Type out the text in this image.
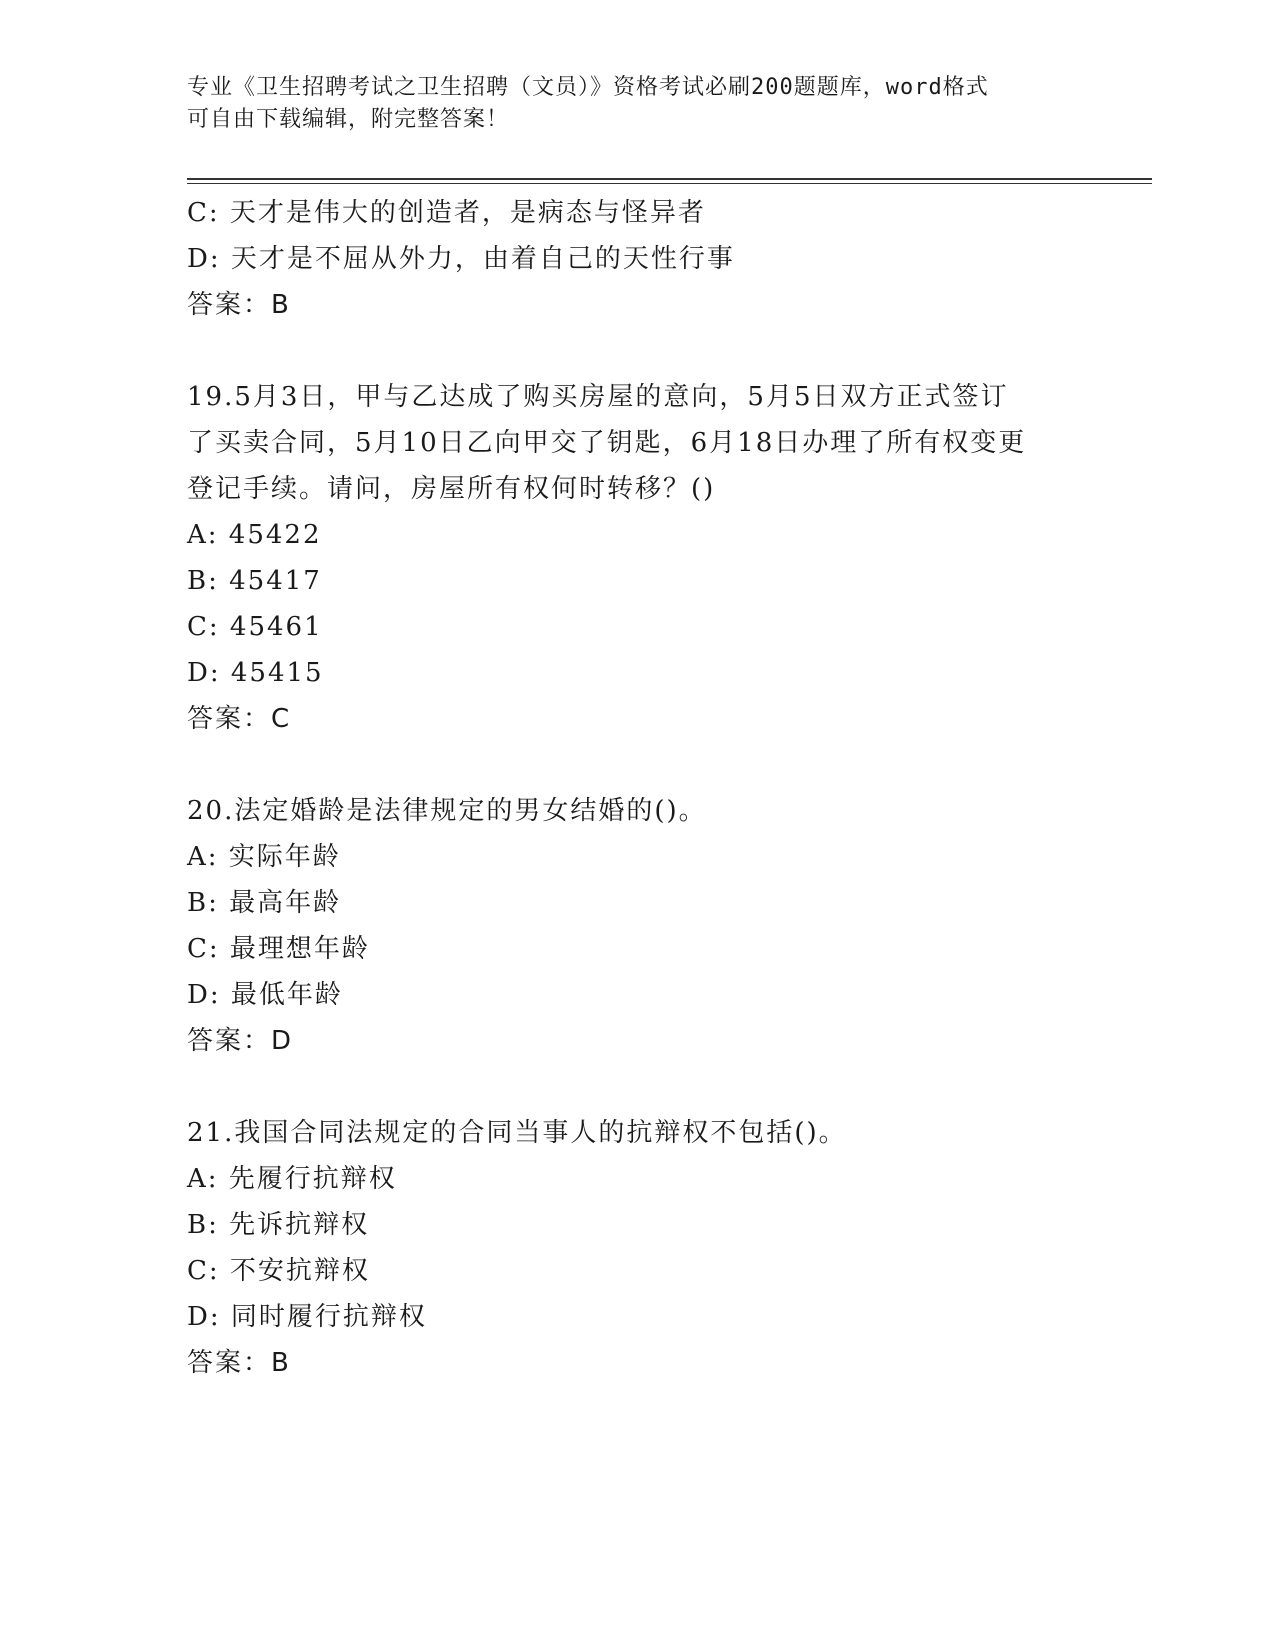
专业《卫生招聘考试之卫生招聘（文员）》资格考试必刷200题题库，word格式
可自由下载编辑，附完整答案！
C: 天才是伟大的创造者，是病态与怪异者
D: 天才是不屈从外力，由着自己的天性行事
答案：B
19.5月3日，甲与乙达成了购买房屋的意向，5月5日双方正式签订
了买卖合同，5月10日乙向甲交了钥匙，6月18日办理了所有权变更
登记手续。请问，房屋所有权何时转移？()
A: 45422
B: 45417
C: 45461
D: 45415
答案：C
20.法定婚龄是法律规定的男女结婚的()。
A: 实际年龄
B: 最高年龄
C: 最理想年龄
D: 最低年龄
答案：D
21.我国合同法规定的合同当事人的抗辩权不包括()。
A: 先履行抗辩权
B: 先诉抗辩权
C: 不安抗辩权
D: 同时履行抗辩权
答案：B
